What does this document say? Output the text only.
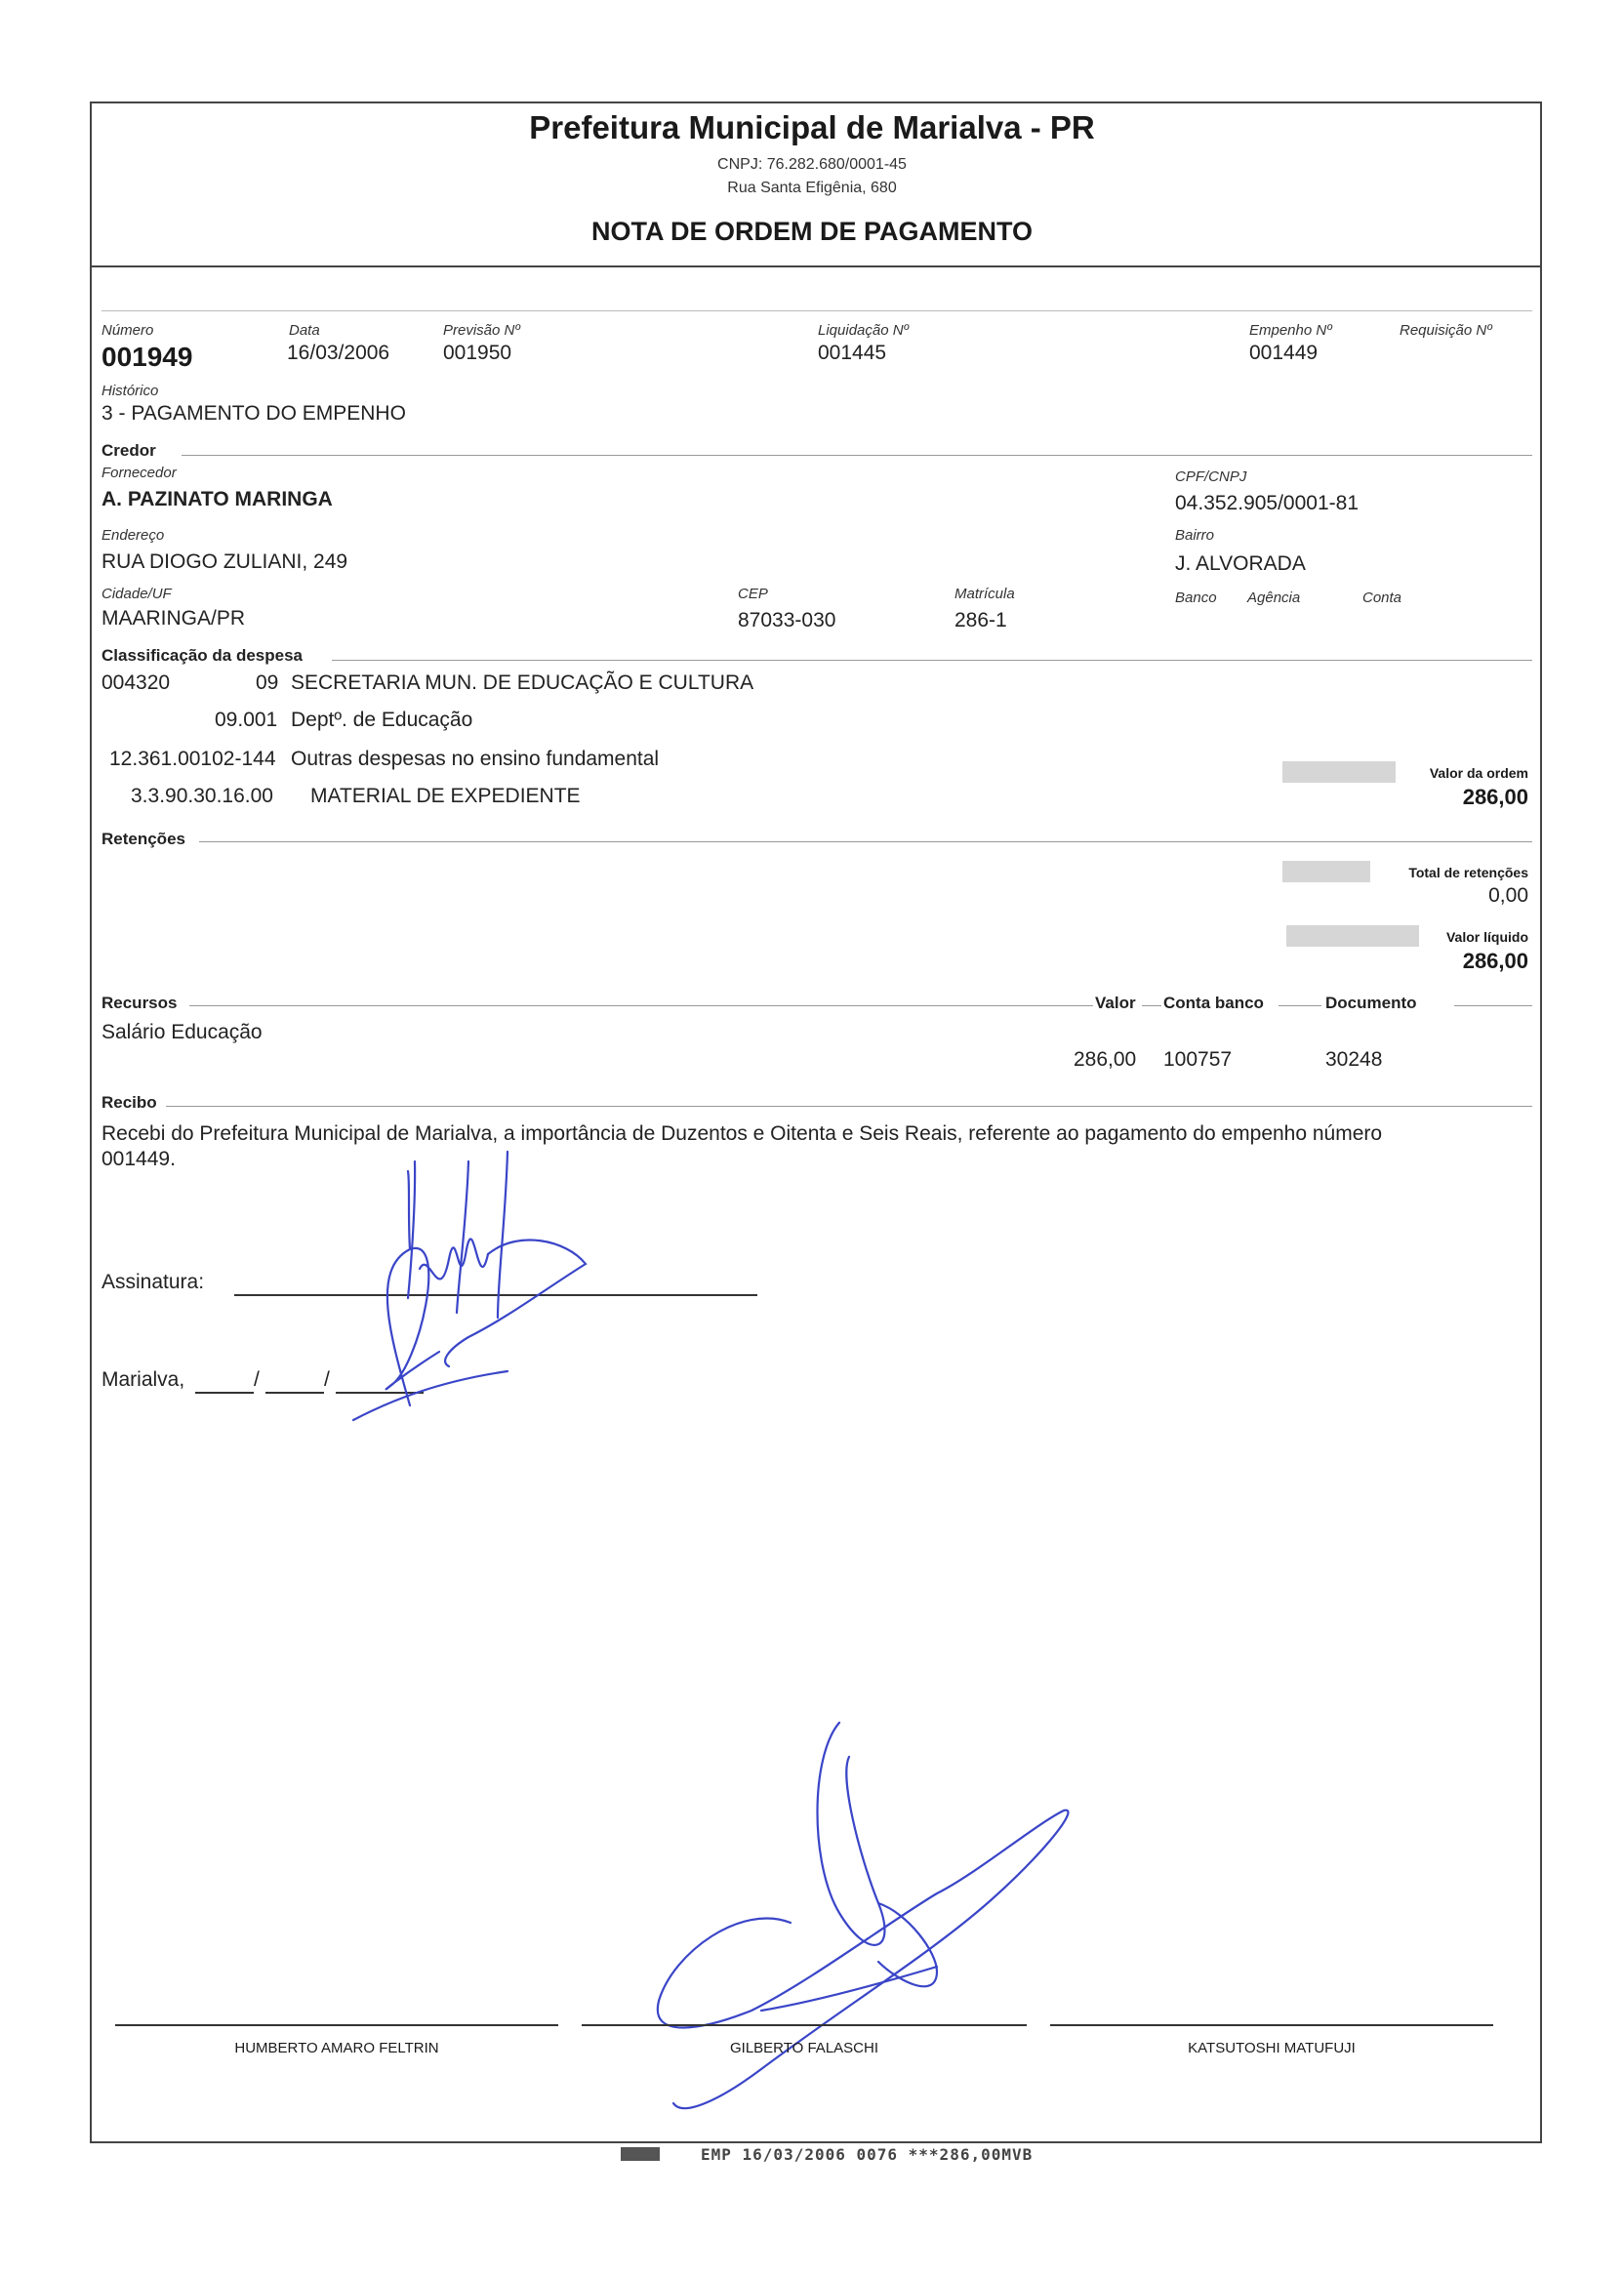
Prefeitura Municipal de Marialva - PR
CNPJ: 76.282.680/0001-45
Rua Santa Efigênia, 680
NOTA DE ORDEM DE PAGAMENTO
Número
001949
Data
16/03/2006
Previsão Nº
001950
Liquidação Nº
001445
Empenho Nº
001449
Requisição Nº
Histórico
3 - PAGAMENTO DO EMPENHO
Credor
Fornecedor
A. PAZINATO MARINGA
CPF/CNPJ
04.352.905/0001-81
Endereço
RUA DIOGO ZULIANI, 249
Bairro
J. ALVORADA
Cidade/UF
MAARINGA/PR
CEP
87033-030
Matrícula
286-1
Banco Agência	Conta
Classificação da despesa
004320	09 SECRETARIA MUN. DE EDUCAÇÃO E CULTURA
09.001 Deptº. de Educação
12.361.00102-144 Outras despesas no ensino fundamental
3.3.90.30.16.00 MATERIAL DE EXPEDIENTE
Valor da ordem
286,00
Retenções
Total de retenções
0,00
Valor líquido
286,00
Recursos	Valor Conta banco	Documento
Salário Educação
286,00 100757	30248
Recibo
Recebi do Prefeitura Municipal de Marialva, a importância de Duzentos e Oitenta e Seis Reais, referente ao pagamento do empenho número
001449.
Assinatura:
Marialva,	/	/
HUMBERTO AMARO FELTRIN	GILBERTO FALASCHI	KATSUTOSHI MATUFUJI
EMP 16/03/2006 0076 ***286,00MVB
